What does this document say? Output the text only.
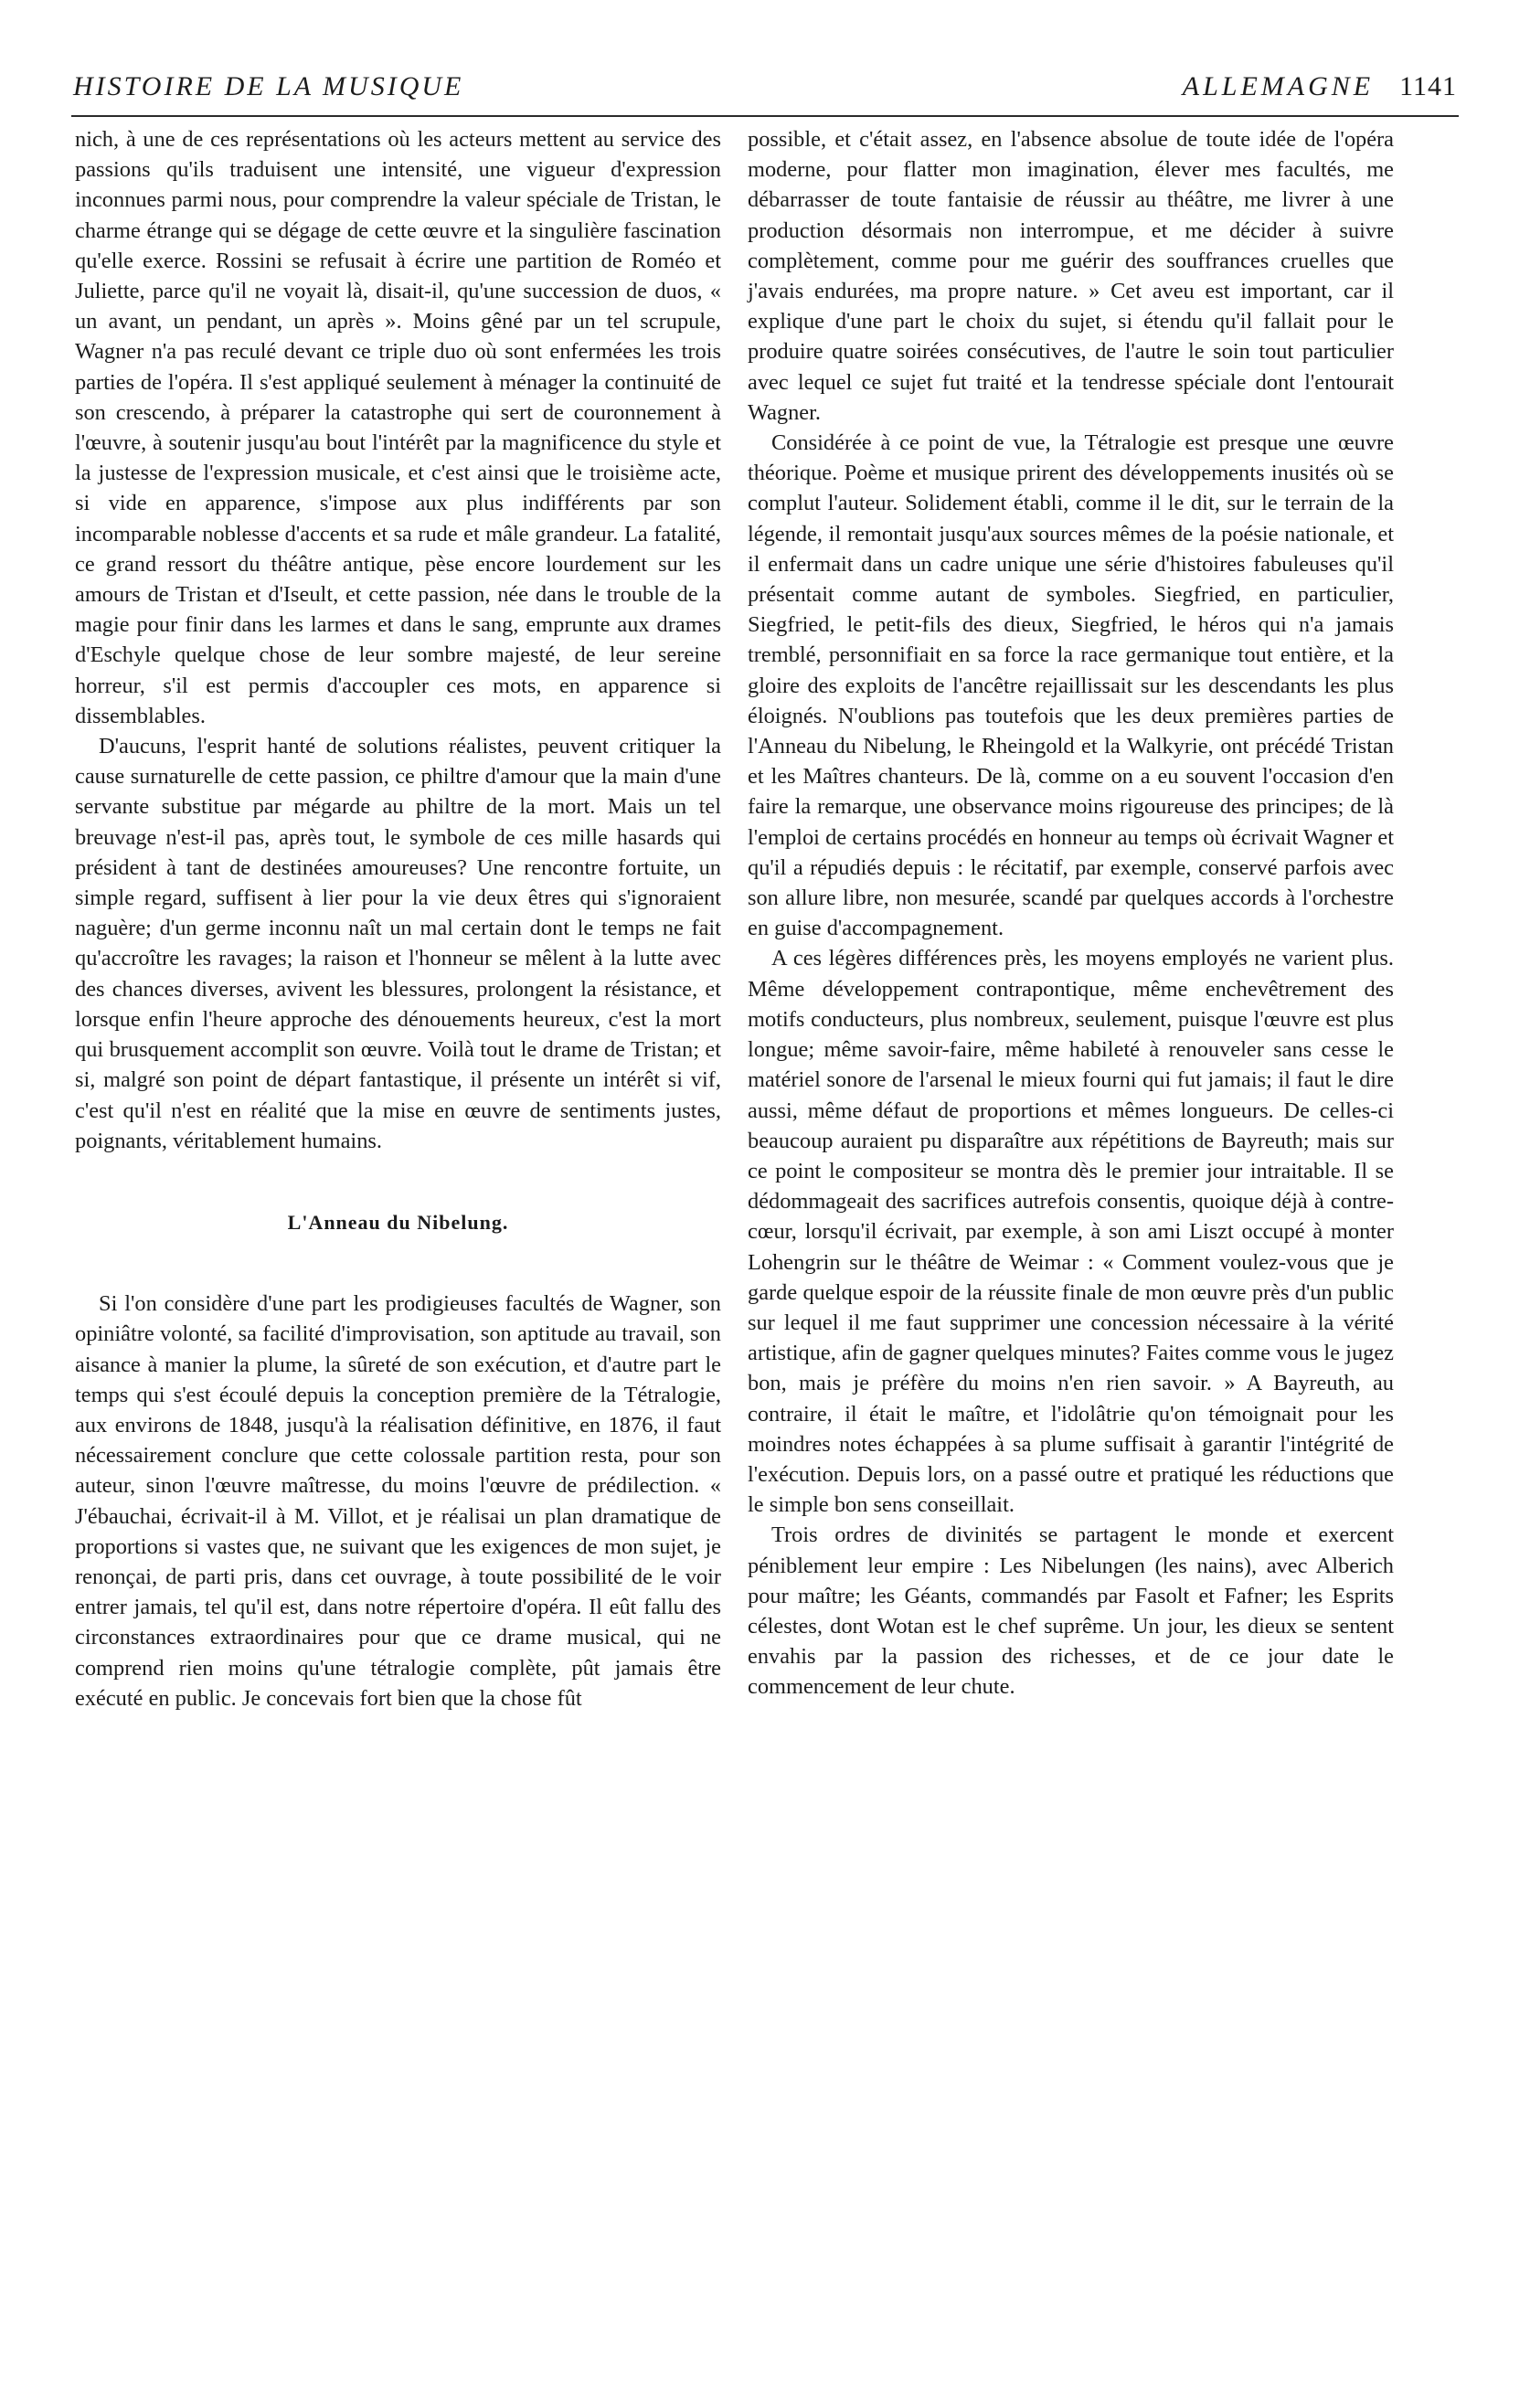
HISTOIRE DE LA MUSIQUE	ALLEMAGNE 1141

nich, à une de ces représentations où les acteurs mettent au service des passions qu'ils traduisent une intensité, une vigueur d'expression inconnues parmi nous, pour comprendre la valeur spéciale de Tristan, le charme étrange qui se dégage de cette œuvre et la singulière fascination qu'elle exerce. Rossini se refusait à écrire une partition de Roméo et Juliette, parce qu'il ne voyait là, disait-il, qu'une succession de duos, « un avant, un pendant, un après ». Moins gêné par un tel scrupule, Wagner n'a pas reculé devant ce triple duo où sont enfermées les trois parties de l'opéra. Il s'est appliqué seulement à ménager la continuité de son crescendo, à préparer la catastrophe qui sert de couronnement à l'œuvre, à soutenir jusqu'au bout l'intérêt par la magnificence du style et la justesse de l'expression musicale, et c'est ainsi que le troisième acte, si vide en apparence, s'impose aux plus indifférents par son incomparable noblesse d'accents et sa rude et mâle grandeur. La fatalité, ce grand ressort du théâtre antique, pèse encore lourdement sur les amours de Tristan et d'Iseult, et cette passion, née dans le trouble de la magie pour finir dans les larmes et dans le sang, emprunte aux drames d'Eschyle quelque chose de leur sombre majesté, de leur sereine horreur, s'il est permis d'accoupler ces mots, en apparence si dissemblables.

D'aucuns, l'esprit hanté de solutions réalistes, peuvent critiquer la cause surnaturelle de cette passion, ce philtre d'amour que la main d'une servante substitue par mégarde au philtre de la mort. Mais un tel breuvage n'est-il pas, après tout, le symbole de ces mille hasards qui président à tant de destinées amoureuses? Une rencontre fortuite, un simple regard, suffisent à lier pour la vie deux êtres qui s'ignoraient naguère; d'un germe inconnu naît un mal certain dont le temps ne fait qu'accroître les ravages; la raison et l'honneur se mêlent à la lutte avec des chances diverses, avivent les blessures, prolongent la résistance, et lorsque enfin l'heure approche des dénouements heureux, c'est la mort qui brusquement accomplit son œuvre. Voilà tout le drame de Tristan; et si, malgré son point de départ fantastique, il présente un intérêt si vif, c'est qu'il n'est en réalité que la mise en œuvre de sentiments justes, poignants, véritablement humains.

L'Anneau du Nibelung.

Si l'on considère d'une part les prodigieuses facultés de Wagner, son opiniâtre volonté, sa facilité d'improvisation, son aptitude au travail, son aisance à manier la plume, la sûreté de son exécution, et d'autre part le temps qui s'est écoulé depuis la conception première de la Tétralogie, aux environs de 1848, jusqu'à la réalisation définitive, en 1876, il faut nécessairement conclure que cette colossale partition resta, pour son auteur, sinon l'œuvre maîtresse, du moins l'œuvre de prédilection. « J'ébauchai, écrivait-il à M. Villot, et je réalisai un plan dramatique de proportions si vastes que, ne suivant que les exigences de mon sujet, je renonçai, de parti pris, dans cet ouvrage, à toute possibilité de le voir entrer jamais, tel qu'il est, dans notre répertoire d'opéra. Il eût fallu des circonstances extraordinaires pour que ce drame musical, qui ne comprend rien moins qu'une tétralogie complète, pût jamais être exécuté en public. Je concevais fort bien que la chose fût

possible, et c'était assez, en l'absence absolue de toute idée de l'opéra moderne, pour flatter mon imagination, élever mes facultés, me débarrasser de toute fantaisie de réussir au théâtre, me livrer à une production désormais non interrompue, et me décider à suivre complètement, comme pour me guérir des souffrances cruelles que j'avais endurées, ma propre nature. » Cet aveu est important, car il explique d'une part le choix du sujet, si étendu qu'il fallait pour le produire quatre soirées consécutives, de l'autre le soin tout particulier avec lequel ce sujet fut traité et la tendresse spéciale dont l'entourait Wagner.

Considérée à ce point de vue, la Tétralogie est presque une œuvre théorique. Poème et musique prirent des développements inusités où se complut l'auteur. Solidement établi, comme il le dit, sur le terrain de la légende, il remontait jusqu'aux sources mêmes de la poésie nationale, et il enfermait dans un cadre unique une série d'histoires fabuleuses qu'il présentait comme autant de symboles. Siegfried, en particulier, Siegfried, le petit-fils des dieux, Siegfried, le héros qui n'a jamais tremblé, personnifiait en sa force la race germanique tout entière, et la gloire des exploits de l'ancêtre rejaillissait sur les descendants les plus éloignés. N'oublions pas toutefois que les deux premières parties de l'Anneau du Nibelung, le Rheingold et la Walkyrie, ont précédé Tristan et les Maîtres chanteurs. De là, comme on a eu souvent l'occasion d'en faire la remarque, une observance moins rigoureuse des principes; de là l'emploi de certains procédés en honneur au temps où écrivait Wagner et qu'il a répudiés depuis : le récitatif, par exemple, conservé parfois avec son allure libre, non mesurée, scandé par quelques accords à l'orchestre en guise d'accompagnement.

A ces légères différences près, les moyens employés ne varient plus. Même développement contrapontique, même enchevêtrement des motifs conducteurs, plus nombreux, seulement, puisque l'œuvre est plus longue; même savoir-faire, même habileté à renouveler sans cesse le matériel sonore de l'arsenal le mieux fourni qui fut jamais; il faut le dire aussi, même défaut de proportions et mêmes longueurs. De celles-ci beaucoup auraient pu disparaître aux répétitions de Bayreuth; mais sur ce point le compositeur se montra dès le premier jour intraitable. Il se dédommageait des sacrifices autrefois consentis, quoique déjà à contre-cœur, lorsqu'il écrivait, par exemple, à son ami Liszt occupé à monter Lohengrin sur le théâtre de Weimar : « Comment voulez-vous que je garde quelque espoir de la réussite finale de mon œuvre près d'un public sur lequel il me faut supprimer une concession nécessaire à la vérité artistique, afin de gagner quelques minutes? Faites comme vous le jugez bon, mais je préfère du moins n'en rien savoir. » A Bayreuth, au contraire, il était le maître, et l'idolâtrie qu'on témoignait pour les moindres notes échappées à sa plume suffisait à garantir l'intégrité de l'exécution. Depuis lors, on a passé outre et pratiqué les réductions que le simple bon sens conseillait.

Trois ordres de divinités se partagent le monde et exercent péniblement leur empire : Les Nibelungen (les nains), avec Alberich pour maître; les Géants, commandés par Fasolt et Fafner; les Esprits célestes, dont Wotan est le chef suprême. Un jour, les dieux se sentent envahis par la passion des richesses, et de ce jour date le commencement de leur chute.
